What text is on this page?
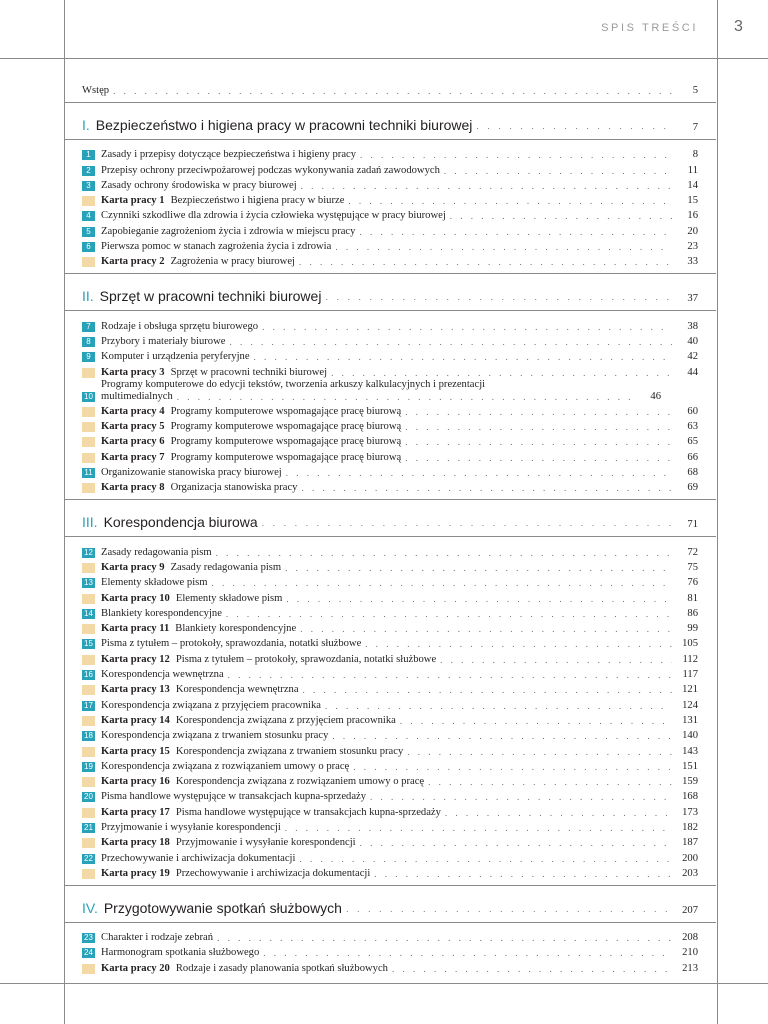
SPIS TREŚCI 3
Wstęp . . .	5
I. Bezpieczeństwo i higiena pracy w pracowni techniki biurowej . . .	7
1 Zasady i przepisy dotyczące bezpieczeństwa i higieny pracy . . .	8
2 Przepisy ochrony przeciwpożarowej podczas wykonywania zadań zawodowych . . .	11
3 Zasady ochrony środowiska w pracy biurowej . . .	14
Karta pracy 1 Bezpieczeństwo i higiena pracy w biurze . . .	15
4 Czynniki szkodliwe dla zdrowia i życia człowieka występujące w pracy biurowej . . .	16
5 Zapobieganie zagrożeniom życia i zdrowia w miejscu pracy . . .	20
6 Pierwsza pomoc w stanach zagrożenia życia i zdrowia . . .	23
Karta pracy 2 Zagrożenia w pracy biurowej . . .	33
II. Sprzęt w pracowni techniki biurowej . . .	37
7 Rodzaje i obsługa sprzętu biurowego . . .	38
8 Przybory i materiały biurowe . . .	40
9 Komputer i urządzenia peryferyjne . . .	42
Karta pracy 3 Sprzęt w pracowni techniki biurowej . . .	44
10
Programy komputerowe do edycji tekstów, tworzenia arkuszy kalkulacyjnych i prezentacji
multimedialnych . . .	46
Karta pracy 4 Programy komputerowe wspomagające pracę biurową . . .	60
Karta pracy 5 Programy komputerowe wspomagające pracę biurową . . .	63
Karta pracy 6 Programy komputerowe wspomagające pracę biurową . . .	65
Karta pracy 7 Programy komputerowe wspomagające pracę biurową . . .	66
11 Organizowanie stanowiska pracy biurowej . . .	68
Karta pracy 8 Organizacja stanowiska pracy . . .	69
III. Korespondencja biurowa . . .	71
12 Zasady redagowania pism . . .	72
Karta pracy 9 Zasady redagowania pism . . .	75
13 Elementy składowe pism . . .	76
Karta pracy 10 Elementy składowe pism . . .	81
14 Blankiety korespondencyjne . . .	86
Karta pracy 11 Blankiety korespondencyjne . . .	99
15 Pisma z tytułem – protokoły, sprawozdania, notatki służbowe . . .	105
Karta pracy 12 Pisma z tytułem – protokoły, sprawozdania, notatki służbowe . . .	112
16 Korespondencja wewnętrzna . . .	117
Karta pracy 13 Korespondencja wewnętrzna . . .	121
17 Korespondencja związana z przyjęciem pracownika . . .	124
Karta pracy 14 Korespondencja związana z przyjęciem pracownika . . .	131
18 Korespondencja związana z trwaniem stosunku pracy . . .	140
Karta pracy 15 Korespondencja związana z trwaniem stosunku pracy . . .	143
19 Korespondencja związana z rozwiązaniem umowy o pracę . . .	151
Karta pracy 16 Korespondencja związana z rozwiązaniem umowy o pracę . . .	159
20 Pisma handlowe występujące w transakcjach kupna-sprzedaży . . .	168
Karta pracy 17 Pisma handlowe występujące w transakcjach kupna-sprzedaży . . .	173
21 Przyjmowanie i wysyłanie korespondencji . . .	182
Karta pracy 18 Przyjmowanie i wysyłanie korespondencji . . .	187
22 Przechowywanie i archiwizacja dokumentacji . . .	200
Karta pracy 19 Przechowywanie i archiwizacja dokumentacji . . .	203
IV. Przygotowywanie spotkań służbowych . . .	207
23 Charakter i rodzaje zebrań . . .	208
24 Harmonogram spotkania służbowego . . .	210
Karta pracy 20 Rodzaje i zasady planowania spotkań służbowych . . .	213
